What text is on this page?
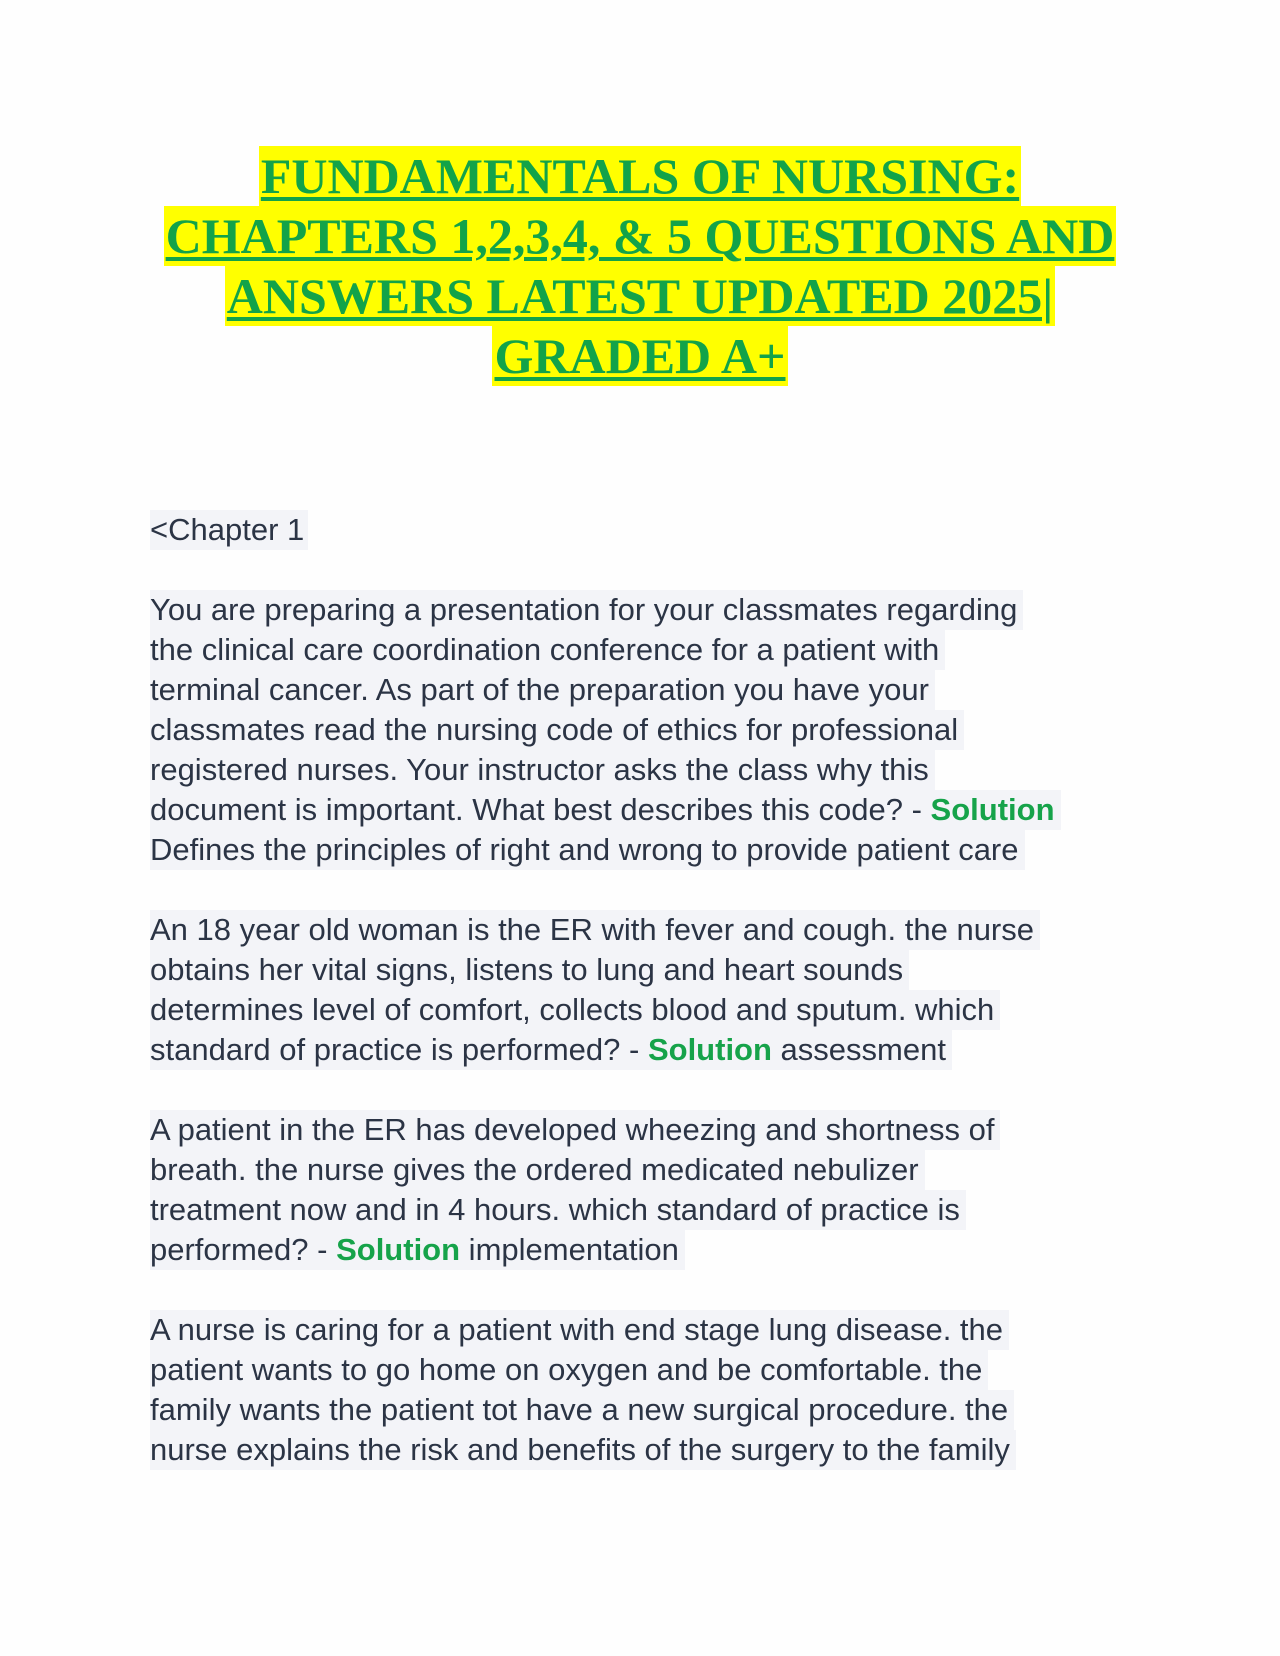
FUNDAMENTALS OF NURSING:
CHAPTERS 1,2,3,4, & 5 QUESTIONS AND
ANSWERS LATEST UPDATED 2025|
GRADED A+
<Chapter 1
You are preparing a presentation for your classmates regarding
the clinical care coordination conference for a patient with
terminal cancer. As part of the preparation you have your
classmates read the nursing code of ethics for professional
registered nurses. Your instructor asks the class why this
document is important. What best describes this code? - Solution
Defines the principles of right and wrong to provide patient care
An 18 year old woman is the ER with fever and cough. the nurse
obtains her vital signs, listens to lung and heart sounds
determines level of comfort, collects blood and sputum. which
standard of practice is performed? - Solution assessment
A patient in the ER has developed wheezing and shortness of
breath. the nurse gives the ordered medicated nebulizer
treatment now and in 4 hours. which standard of practice is
performed? - Solution implementation
A nurse is caring for a patient with end stage lung disease. the
patient wants to go home on oxygen and be comfortable. the
family wants the patient tot have a new surgical procedure. the
nurse explains the risk and benefits of the surgery to the family
